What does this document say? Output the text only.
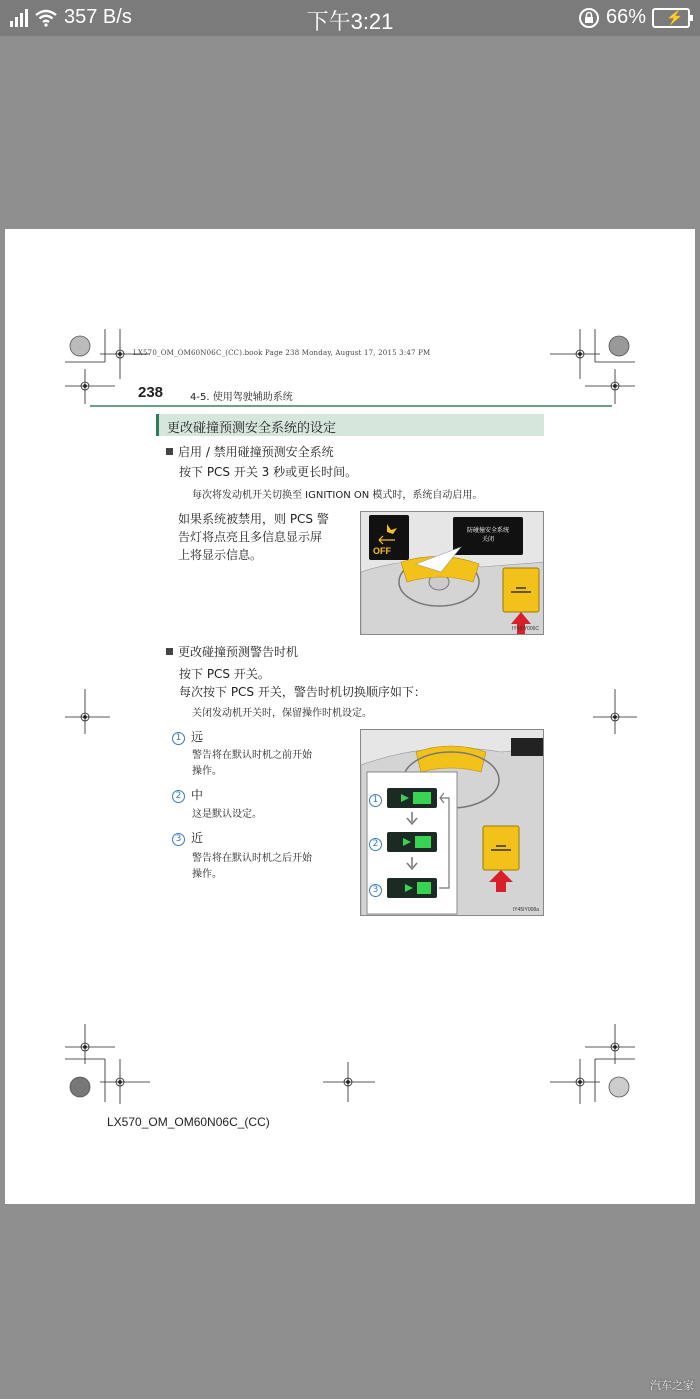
357 B/s	下午3:21	66% ⚡
LX570_OM_OM60N06C_(CC).book Page 238 Monday, August 17, 2015 3:47 PM
238	4-5. 使用驾驶辅助系统
更改碰撞预测安全系统的设定
启用 / 禁用碰撞预测安全系统
按下 PCS 开关 3 秒或更长时间。
每次将发动机开关切换至 IGNITION ON 模式时，系统自动启用。
如果系统被禁用，则 PCS 警
告灯将点亮且多信息显示屏
上将显示信息。	OFF
防碰撞安全系统
关闭
IY45IY006C
更改碰撞预测警告时机
按下 PCS 开关。
每次按下 PCS 开关，警告时机切换顺序如下：
关闭发动机开关时，保留操作时机设定。
1 远
警告将在默认时机之前开始
操作。
2 中
这是默认设定。
3 近
警告将在默认时机之后开始
操作。
1
2
3
IY45IY008a
LX570_OM_OM60N06C_(CC)
汽车之家
